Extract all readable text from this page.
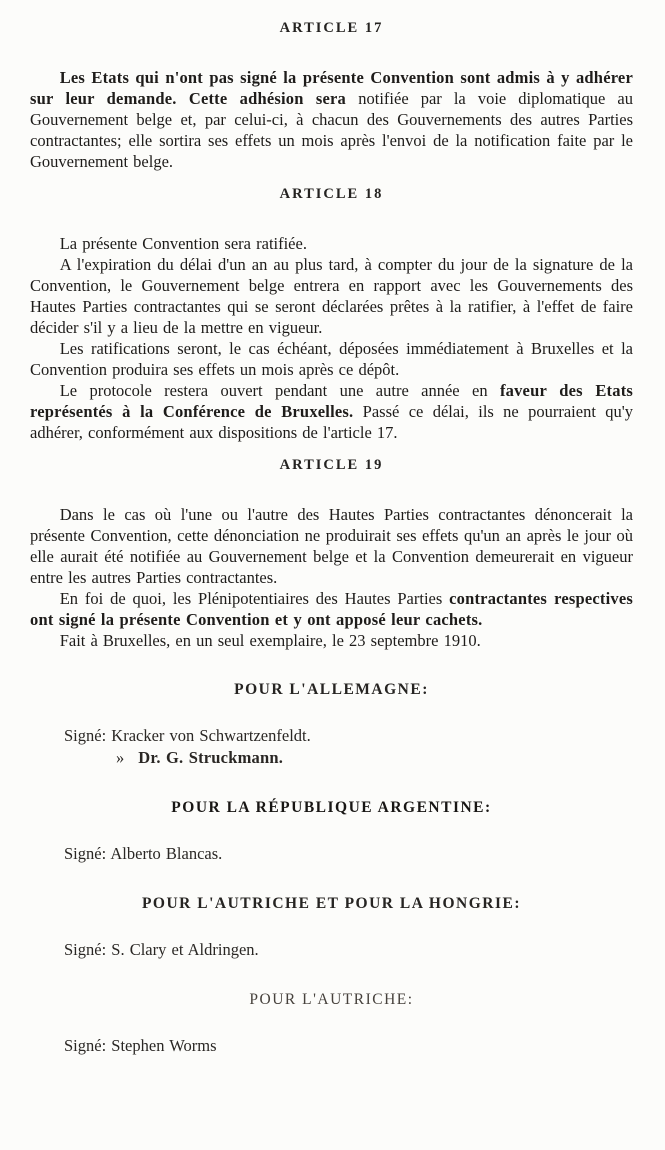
ARTICLE 17

Les Etats qui n'ont pas signé la présente Convention sont admis à y adhérer sur leur demande. Cette adhésion sera notifiée par la voie diplomatique au Gouvernement belge et, par celui-ci, à chacun des Gouvernements des autres Parties contractantes; elle sortira ses effets un mois après l'envoi de la notification faite par le Gouvernement belge.

ARTICLE 18

La présente Convention sera ratifiée.

A l'expiration du délai d'un an au plus tard, à compter du jour de la signature de la Convention, le Gouvernement belge entrera en rapport avec les Gouvernements des Hautes Parties contractantes qui se seront déclarées prêtes à la ratifier, à l'effet de faire décider s'il y a lieu de la mettre en vigueur.

Les ratifications seront, le cas échéant, déposées immédiatement à Bruxelles et la Convention produira ses effets un mois après ce dépôt.

Le protocole restera ouvert pendant une autre année en faveur des Etats représentés à la Conférence de Bruxelles. Passé ce délai, ils ne pourraient qu'y adhérer, conformément aux dispositions de l'article 17.

ARTICLE 19

Dans le cas où l'une ou l'autre des Hautes Parties contractantes dénoncerait la présente Convention, cette dénonciation ne produirait ses effets qu'un an après le jour où elle aurait été notifiée au Gouvernement belge et la Convention demeurerait en vigueur entre les autres Parties contractantes.

En foi de quoi, les Plénipotentiaires des Hautes Parties contractantes respectives ont signé la présente Convention et y ont apposé leur cachets.

Fait à Bruxelles, en un seul exemplaire, le 23 septembre 1910.

POUR L'ALLEMAGNE:
Signé: Kracker von Schwartzenfeldt.
» Dr. G. Struckmann.
POUR LA RÉPUBLIQUE ARGENTINE:
Signé: Alberto Blancas.
POUR L'AUTRICHE ET POUR LA HONGRIE:
Signé: S. Clary et Aldringen.
POUR L'AUTRICHE:
Signé: Stephen Worms
